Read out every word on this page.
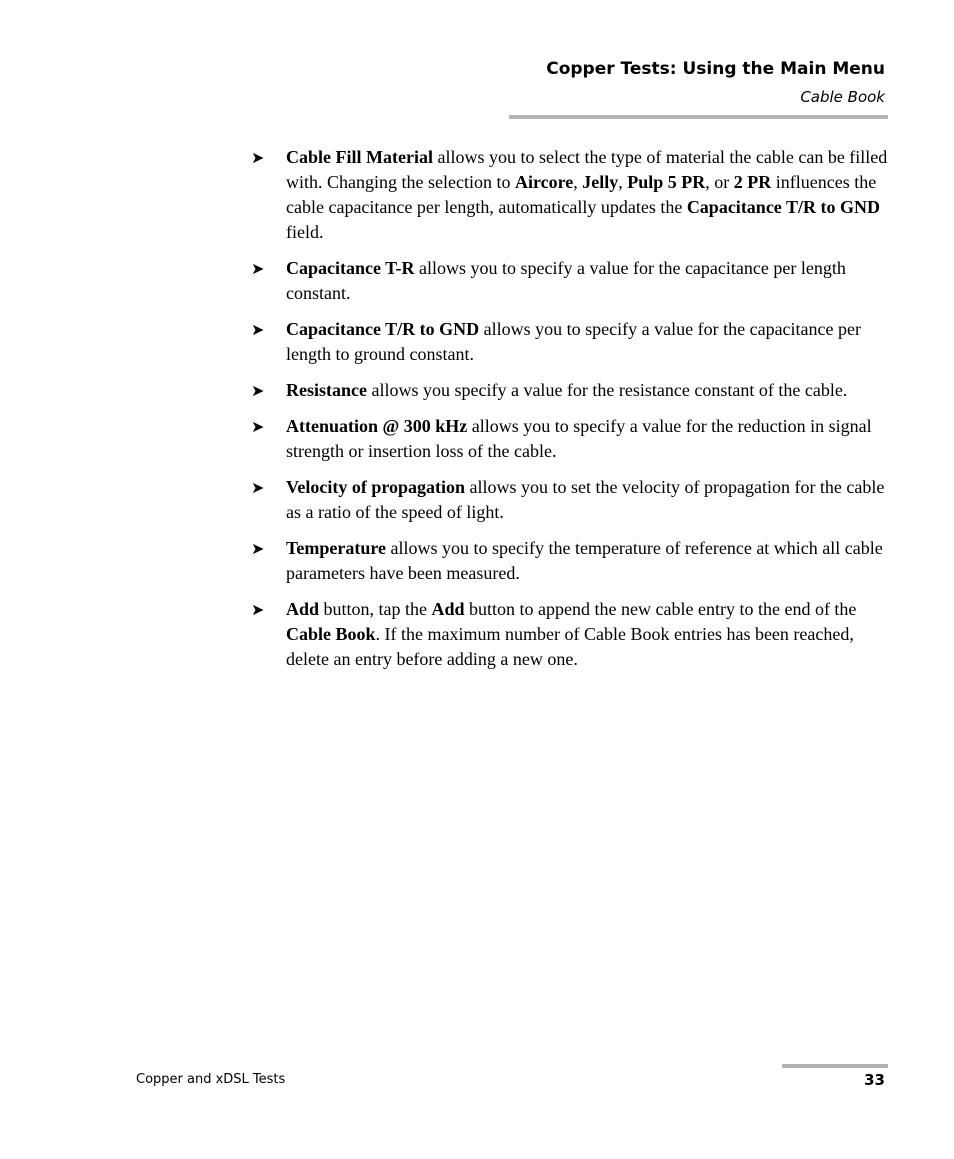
Copper Tests: Using the Main Menu
Cable Book
➤ Cable Fill Material allows you to select the type of material the cable can be filled with. Changing the selection to Aircore, Jelly, Pulp 5 PR, or 2 PR influences the cable capacitance per length, automatically updates the Capacitance T/R to GND field.
➤ Capacitance T-R allows you to specify a value for the capacitance per length constant.
➤ Capacitance T/R to GND allows you to specify a value for the capacitance per length to ground constant.
➤ Resistance allows you specify a value for the resistance constant of the cable.
➤ Attenuation @ 300 kHz allows you to specify a value for the reduction in signal strength or insertion loss of the cable.
➤ Velocity of propagation allows you to set the velocity of propagation for the cable as a ratio of the speed of light.
➤ Temperature allows you to specify the temperature of reference at which all cable parameters have been measured.
➤ Add button, tap the Add button to append the new cable entry to the end of the Cable Book. If the maximum number of Cable Book entries has been reached, delete an entry before adding a new one.
Copper and xDSL Tests	33
